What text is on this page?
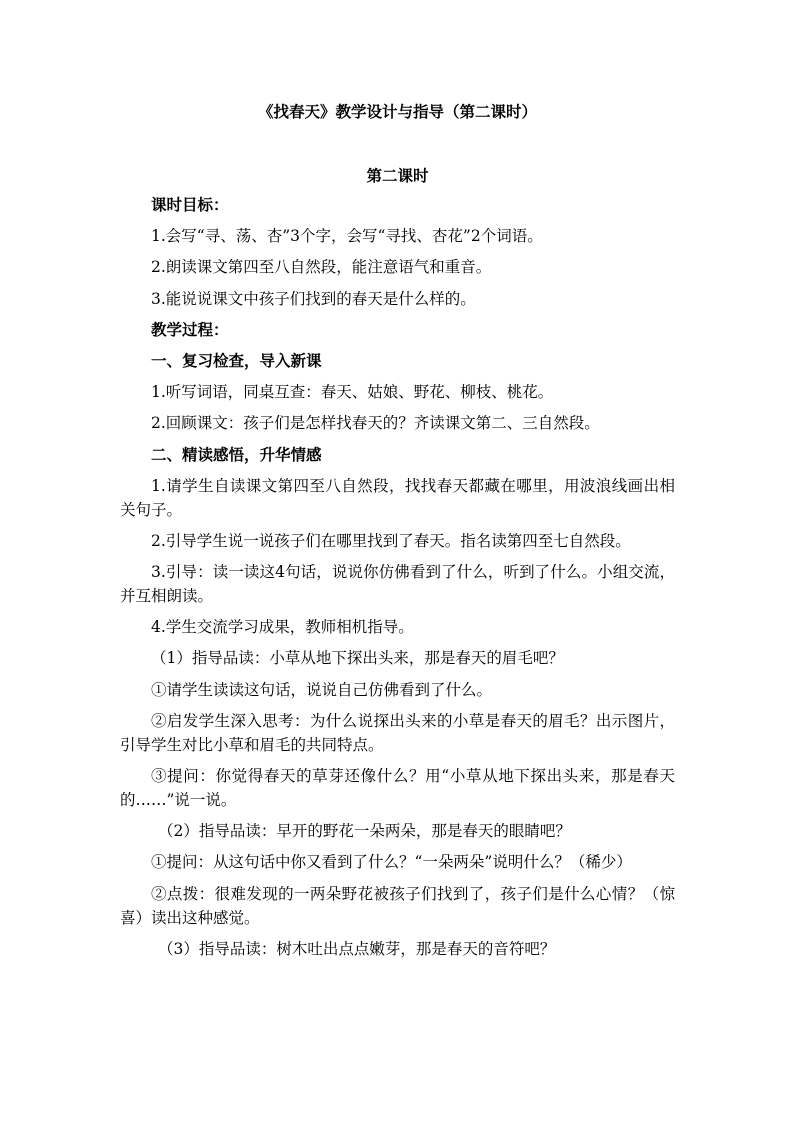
《找春天》教学设计与指导（第二课时）
第二课时

课时目标：

1.会写“寻、荡、杏”3个字，会写“寻找、杏花”2个词语。

2.朗读课文第四至八自然段，能注意语气和重音。

3.能说说课文中孩子们找到的春天是什么样的。

教学过程：

一、复习检查，导入新课

1.听写词语，同桌互查：春天、姑娘、野花、柳枝、桃花。

2.回顾课文：孩子们是怎样找春天的？齐读课文第二、三自然段。

二、精读感悟，升华情感

1.请学生自读课文第四至八自然段，找找春天都藏在哪里，用波浪线画出相关句子。

2.引导学生说一说孩子们在哪里找到了春天。指名读第四至七自然段。

3.引导：读一读这4句话，说说你仿佛看到了什么，听到了什么。小组交流，并互相朗读。

4.学生交流学习成果，教师相机指导。

（1）指导品读：小草从地下探出头来，那是春天的眉毛吧？

①请学生读读这句话，说说自己仿佛看到了什么。

②启发学生深入思考：为什么说探出头来的小草是春天的眉毛？出示图片，引导学生对比小草和眉毛的共同特点。

③提问：你觉得春天的草芽还像什么？用“小草从地下探出头来，那是春天的……”说一说。

（2）指导品读：早开的野花一朵两朵，那是春天的眼睛吧？

①提问：从这句话中你又看到了什么？“一朵两朵”说明什么？（稀少）

②点拨：很难发现的一两朵野花被孩子们找到了，孩子们是什么心情？（惊喜）读出这种感觉。

（3）指导品读：树木吐出点点嫩芽，那是春天的音符吧？
